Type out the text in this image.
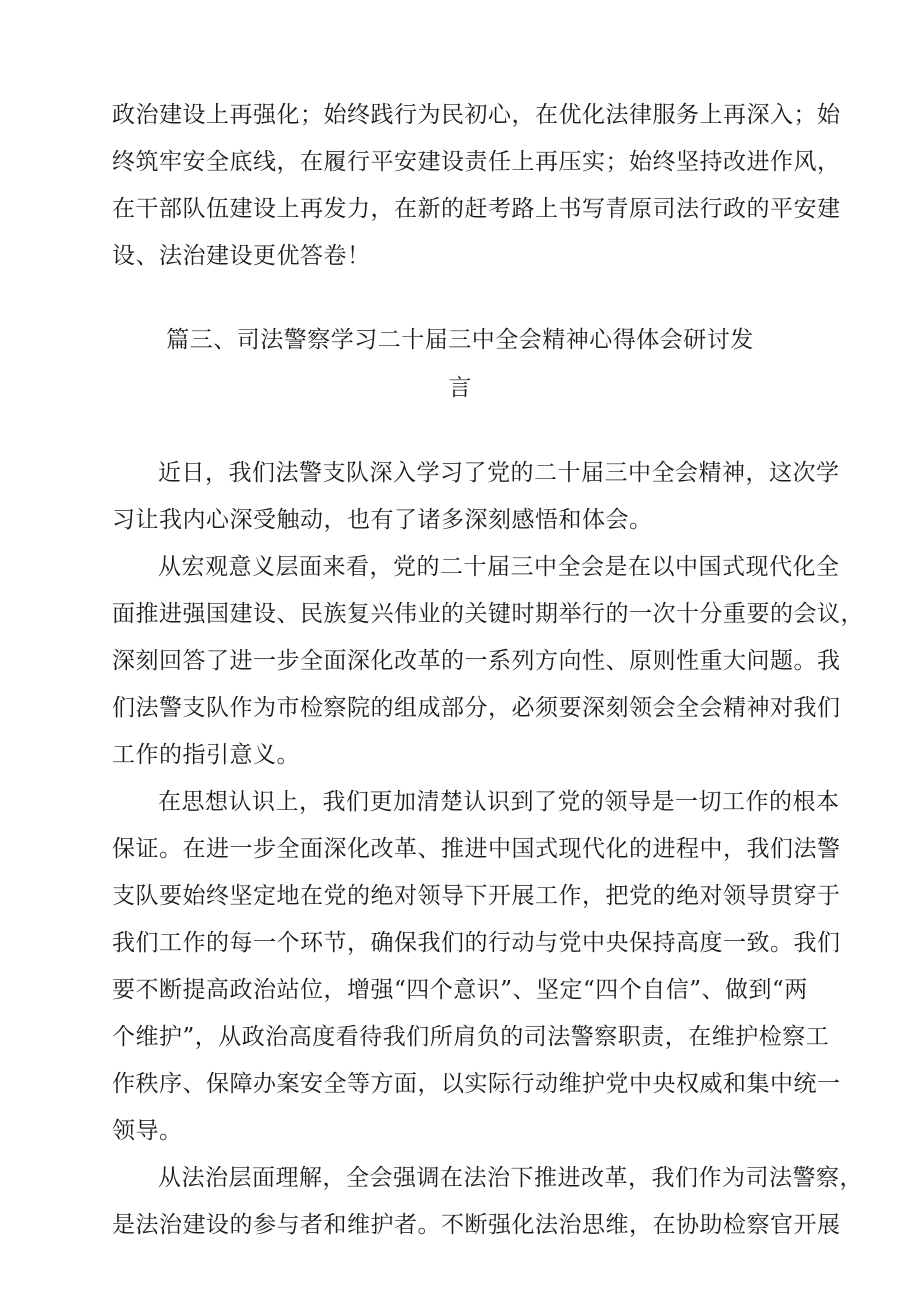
政治建设上再强化；始终践行为民初心，在优化法律服务上再深入；始
终筑牢安全底线，在履行平安建设责任上再压实；始终坚持改进作风，
在干部队伍建设上再发力，在新的赶考路上书写青原司法行政的平安建
设、法治建设更优答卷！
篇三、司法警察学习二十届三中全会精神心得体会研讨发
言
近日，我们法警支队深入学习了党的二十届三中全会精神，这次学
习让我内心深受触动，也有了诸多深刻感悟和体会。
从宏观意义层面来看，党的二十届三中全会是在以中国式现代化全
面推进强国建设、民族复兴伟业的关键时期举行的一次十分重要的会议，
深刻回答了进一步全面深化改革的一系列方向性、原则性重大问题。我
们法警支队作为市检察院的组成部分，必须要深刻领会全会精神对我们
工作的指引意义。
在思想认识上，我们更加清楚认识到了党的领导是一切工作的根本
保证。在进一步全面深化改革、推进中国式现代化的进程中，我们法警
支队要始终坚定地在党的绝对领导下开展工作，把党的绝对领导贯穿于
我们工作的每一个环节，确保我们的行动与党中央保持高度一致。我们
要不断提高政治站位，增强“四个意识”、坚定“四个自信”、做到“两
个维护”，从政治高度看待我们所肩负的司法警察职责，在维护检察工
作秩序、保障办案安全等方面，以实际行动维护党中央权威和集中统一
领导。
从法治层面理解，全会强调在法治下推进改革，我们作为司法警察，
是法治建设的参与者和维护者。不断强化法治思维，在协助检察官开展
